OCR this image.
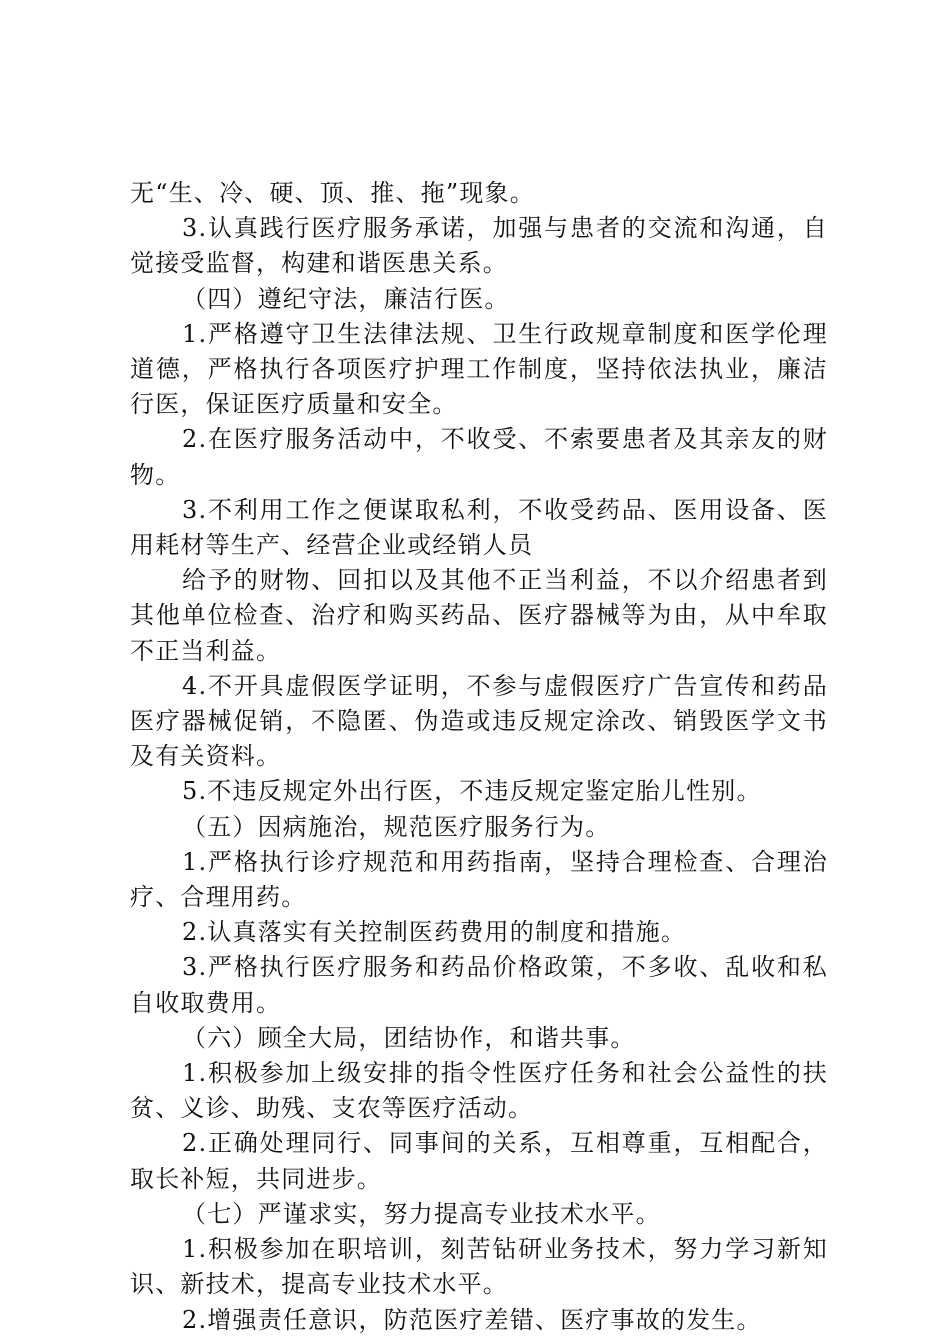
无“生、冷、硬、顶、推、拖”现象。

3.认真践行医疗服务承诺，加强与患者的交流和沟通，自觉接受监督，构建和谐医患关系。

（四）遵纪守法，廉洁行医。

1.严格遵守卫生法律法规、卫生行政规章制度和医学伦理道德，严格执行各项医疗护理工作制度，坚持依法执业，廉洁行医，保证医疗质量和安全。

2.在医疗服务活动中，不收受、不索要患者及其亲友的财物。

3.不利用工作之便谋取私利，不收受药品、医用设备、医用耗材等生产、经营企业或经销人员

给予的财物、回扣以及其他不正当利益，不以介绍患者到其他单位检查、治疗和购买药品、医疗器械等为由，从中牟取不正当利益。

4.不开具虚假医学证明，不参与虚假医疗广告宣传和药品医疗器械促销，不隐匿、伪造或违反规定涂改、销毁医学文书及有关资料。

5.不违反规定外出行医，不违反规定鉴定胎儿性别。

（五）因病施治，规范医疗服务行为。

1.严格执行诊疗规范和用药指南，坚持合理检查、合理治疗、合理用药。

2.认真落实有关控制医药费用的制度和措施。

3.严格执行医疗服务和药品价格政策，不多收、乱收和私自收取费用。

（六）顾全大局，团结协作，和谐共事。

1.积极参加上级安排的指令性医疗任务和社会公益性的扶贫、义诊、助残、支农等医疗活动。

2.正确处理同行、同事间的关系，互相尊重，互相配合，取长补短，共同进步。

（七）严谨求实，努力提高专业技术水平。

1.积极参加在职培训，刻苦钻研业务技术，努力学习新知识、新技术，提高专业技术水平。

2.增强责任意识，防范医疗差错、医疗事故的发生。
